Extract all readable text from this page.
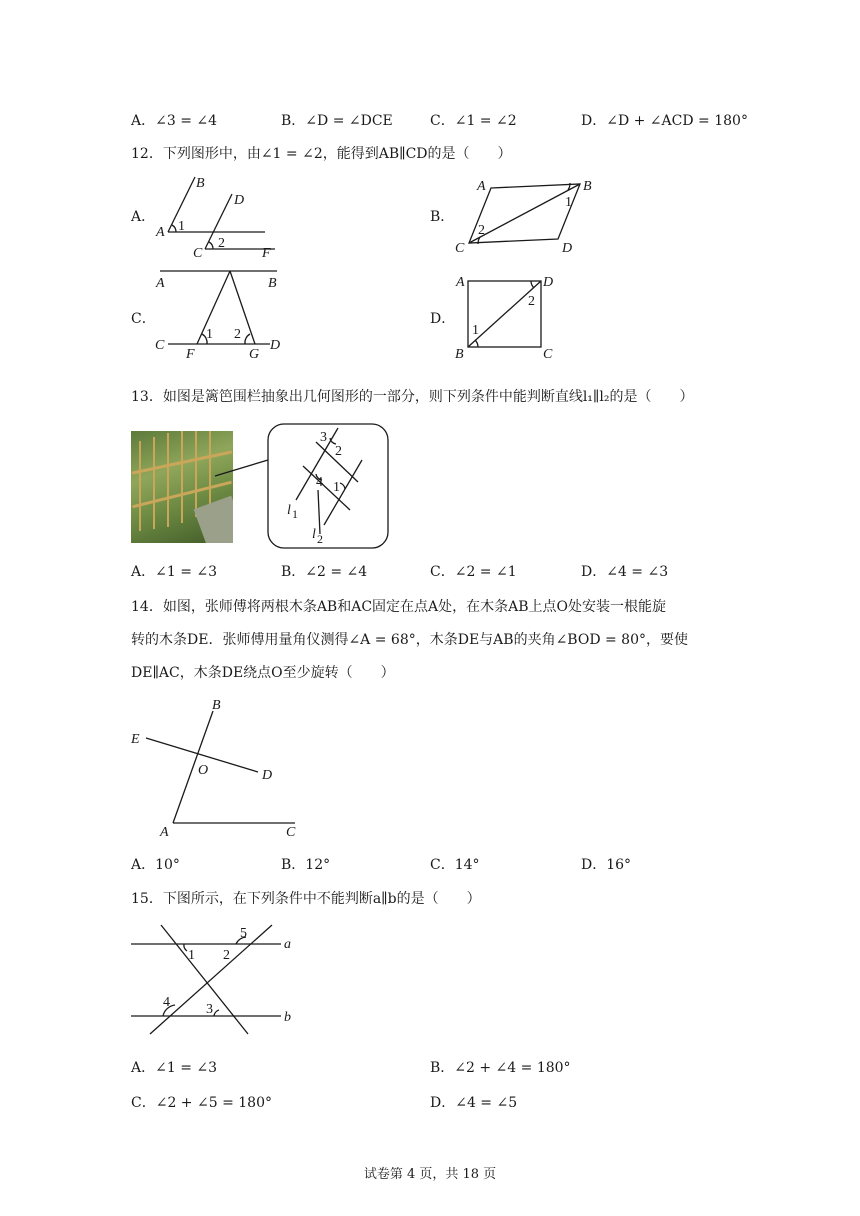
A．∠3 = ∠4	B．∠D = ∠DCE	C．∠1 = ∠2	D．∠D + ∠ACD = 180°
12．下列图形中，由∠1 = ∠2，能得到AB∥CD的是（　　）
A．	B．
C．	D．
B
D
A 1
C
2
F
A	B
1
2
C	D
A	B
1 2
C
F	G
D
A	D
2
1
B	C
13．如图是篱笆围栏抽象出几何图形的一部分，则下列条件中能判断直线l₁∥l₂的是（　　）
3
2
4 1
l 1
l 2
A．∠1 = ∠3	B．∠2 = ∠4	C．∠2 = ∠1	D．∠4 = ∠3
14．如图，张师傅将两根木条AB和AC固定在点A处，在木条AB上点O处安装一根能旋
转的木条DE．张师傅用量角仪测得∠A = 68°，木条DE与AB的夹角∠BOD = 80°，要使
DE∥AC，木条DE绕点O至少旋转（　　）
B
E
O	D
A	C
A．10°	B．12°	C．14°	D．16°
15．下图所示，在下列条件中不能判断a∥b的是（　　）
5
a
1 2
4	3
b
A．∠1 = ∠3	B．∠2 + ∠4 = 180°
C．∠2 + ∠5 = 180°	D．∠4 = ∠5
试卷第 4 页，共 18 页
